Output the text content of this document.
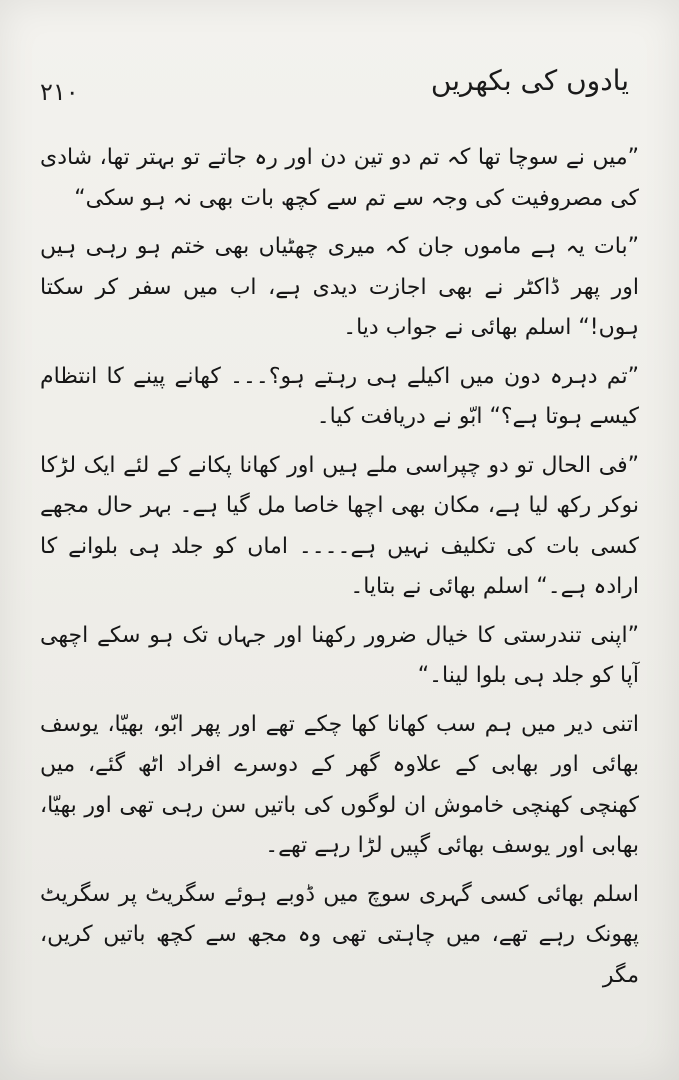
۲۱۰	یادوں کی بکھریں

”میں نے سوچا تھا کہ تم دو تین دن اور رہ جاتے تو بہتر تھا، شادی کی مصروفیت کی وجہ سے تم سے کچھ بات بھی نہ ہو سکی“

”بات یہ ہے ماموں جان کہ میری چھٹیاں بھی ختم ہو رہی ہیں اور پھر ڈاکٹر نے بھی اجازت دیدی ہے، اب میں سفر کر سکتا ہوں!“ اسلم بھائی نے جواب دیا۔

”تم دہرہ دون میں اکیلے ہی رہتے ہو؟۔۔۔ کھانے پینے کا انتظام کیسے ہوتا ہے؟“ ابّو نے دریافت کیا۔

”فی الحال تو دو چپراسی ملے ہیں اور کھانا پکانے کے لئے ایک لڑکا نوکر رکھ لیا ہے، مکان بھی اچھا خاصا مل گیا ہے۔ بہر حال مجھے کسی بات کی تکلیف نہیں ہے۔۔۔۔ اماں کو جلد ہی بلوانے کا ارادہ ہے۔“ اسلم بھائی نے بتایا۔

”اپنی تندرستی کا خیال ضرور رکھنا اور جہاں تک ہو سکے اچھی آپا کو جلد ہی بلوا لینا۔“

اتنی دیر میں ہم سب کھانا کھا چکے تھے اور پھر ابّو، بھیّا، یوسف بھائی اور بھابی کے علاوہ گھر کے دوسرے افراد اٹھ گئے، میں کھنچی کھنچی خاموش ان لوگوں کی باتیں سن رہی تھی اور بھیّا، بھابی اور یوسف بھائی گپیں لڑا رہے تھے۔

اسلم بھائی کسی گہری سوچ میں ڈوبے ہوئے سگریٹ پر سگریٹ پھونک رہے تھے، میں چاہتی تھی وہ مجھ سے کچھ باتیں کریں، مگر
